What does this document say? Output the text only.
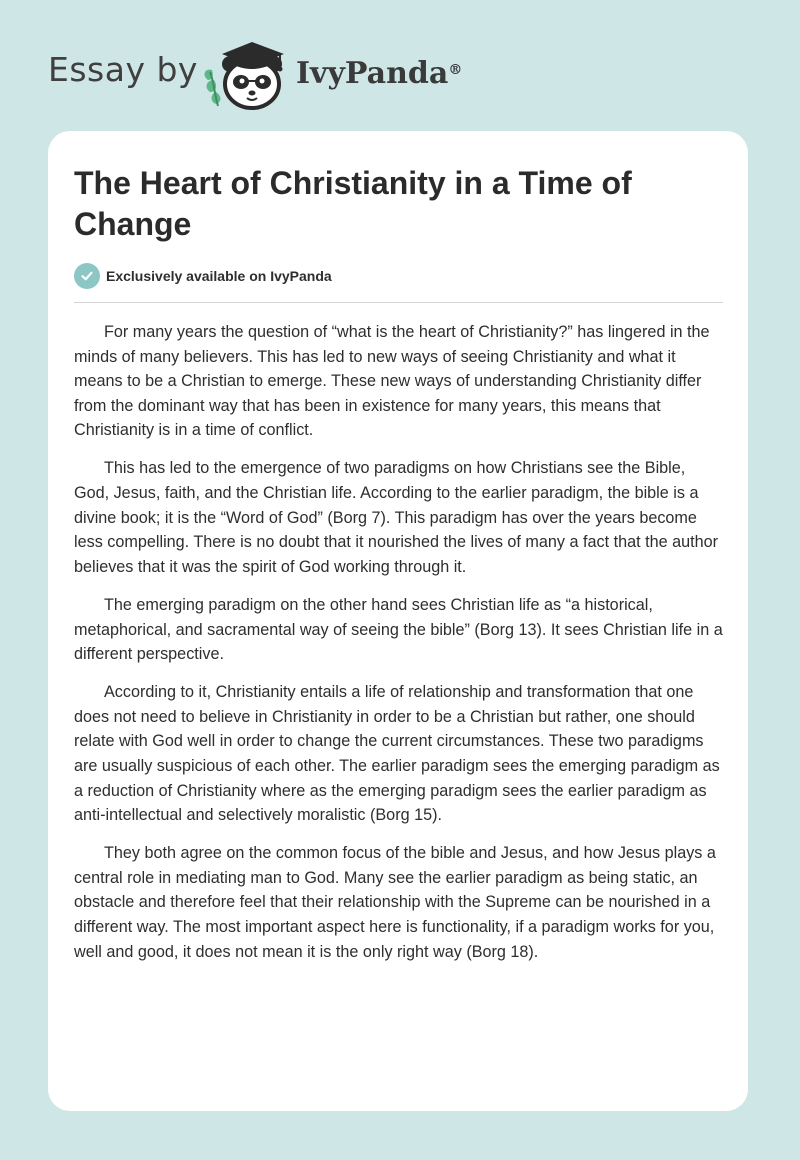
Essay by	IvyPanda®
The Heart of Christianity in a Time of Change
Exclusively available on IvyPanda

For many years the question of “what is the heart of Christianity?” has lingered in the minds of many believers. This has led to new ways of seeing Christianity and what it means to be a Christian to emerge. These new ways of understanding Christianity differ from the dominant way that has been in existence for many years, this means that Christianity is in a time of conflict.

This has led to the emergence of two paradigms on how Christians see the Bible, God, Jesus, faith, and the Christian life. According to the earlier paradigm, the bible is a divine book; it is the “Word of God” (Borg 7). This paradigm has over the years become less compelling. There is no doubt that it nourished the lives of many a fact that the author believes that it was the spirit of God working through it.

The emerging paradigm on the other hand sees Christian life as “a historical, metaphorical, and sacramental way of seeing the bible” (Borg 13). It sees Christian life in a different perspective.

According to it, Christianity entails a life of relationship and transformation that one does not need to believe in Christianity in order to be a Christian but rather, one should relate with God well in order to change the current circumstances. These two paradigms are usually suspicious of each other. The earlier paradigm sees the emerging paradigm as a reduction of Christianity where as the emerging paradigm sees the earlier paradigm as anti-intellectual and selectively moralistic (Borg 15).

They both agree on the common focus of the bible and Jesus, and how Jesus plays a central role in mediating man to God. Many see the earlier paradigm as being static, an obstacle and therefore feel that their relationship with the Supreme can be nourished in a different way. The most important aspect here is functionality, if a paradigm works for you, well and good, it does not mean it is the only right way (Borg 18).
